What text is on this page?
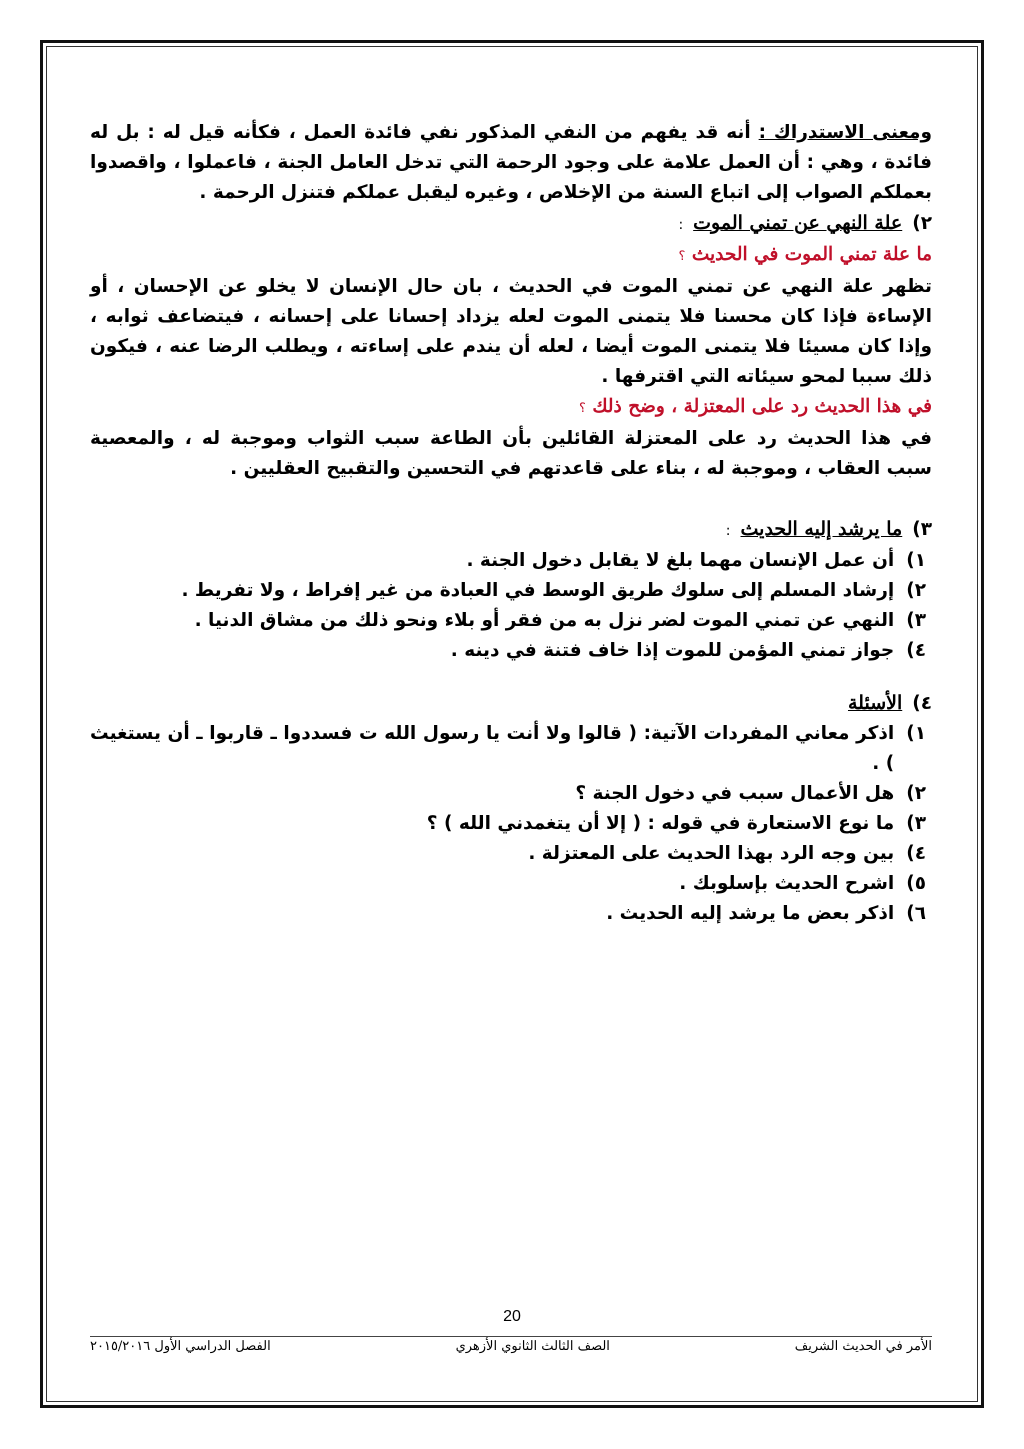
ومعنى الاستدراك : أنه قد يفهم من النفي المذكور نفي فائدة العمل ، فكأنه قيل له : بل له فائدة ، وهي : أن العمل علامة على وجود الرحمة التي تدخل العامل الجنة ، فاعملوا ، واقصدوا بعملكم الصواب إلى اتباع السنة من الإخلاص ، وغيره ليقبل عملكم فتنزل الرحمة .

٢)
علة النهي عن تمني الموت
:

ما علة تمني الموت في الحديث ؟

تظهر علة النهي عن تمني الموت في الحديث ، بان حال الإنسان لا يخلو عن الإحسان ، أو الإساءة فإذا كان محسنا فلا يتمنى الموت لعله يزداد إحسانا على إحسانه ، فيتضاعف ثوابه ، وإذا كان مسيئا فلا يتمنى الموت أيضا ، لعله أن يندم على إساءته ، ويطلب الرضا عنه ، فيكون ذلك سببا لمحو سيئاته التي اقترفها .

في هذا الحديث رد على المعتزلة ، وضح ذلك ؟

في هذا الحديث رد على المعتزلة القائلين بأن الطاعة سبب الثواب وموجبة له ، والمعصية سبب العقاب ، وموجبة له ، بناء على قاعدتهم في التحسين والتقبيح العقليين .

٣)
ما يرشد إليه الحديث
:
١)
أن عمل الإنسان مهما بلغ لا يقابل دخول الجنة .
٢)
إرشاد المسلم إلى سلوك طريق الوسط في العبادة من غير إفراط ، ولا تفريط .
٣)
النهي عن تمني الموت لضر نزل به من فقر أو بلاء ونحو ذلك من مشاق الدنيا .
٤)
جواز تمني المؤمن للموت إذا خاف فتنة في دينه .
٤)
الأسئلة
١)
اذكر معاني المفردات الآتية: ( قالوا ولا أنت يا رسول الله ت فسددوا ـ قاربوا ـ أن يستغيث ) .
٢)
هل الأعمال سبب في دخول الجنة ؟
٣)
ما نوع الاستعارة في قوله : ( إلا أن يتغمدني الله ) ؟
٤)
بين وجه الرد بهذا الحديث على المعتزلة .
٥)
اشرح الحديث بإسلوبك .
٦)
اذكر بعض ما يرشد إليه الحديث .
20
الأمر في الحديث الشريف
الصف الثالث الثانوي الأزهري
الفصل الدراسي الأول ٢٠١٥/٢٠١٦
